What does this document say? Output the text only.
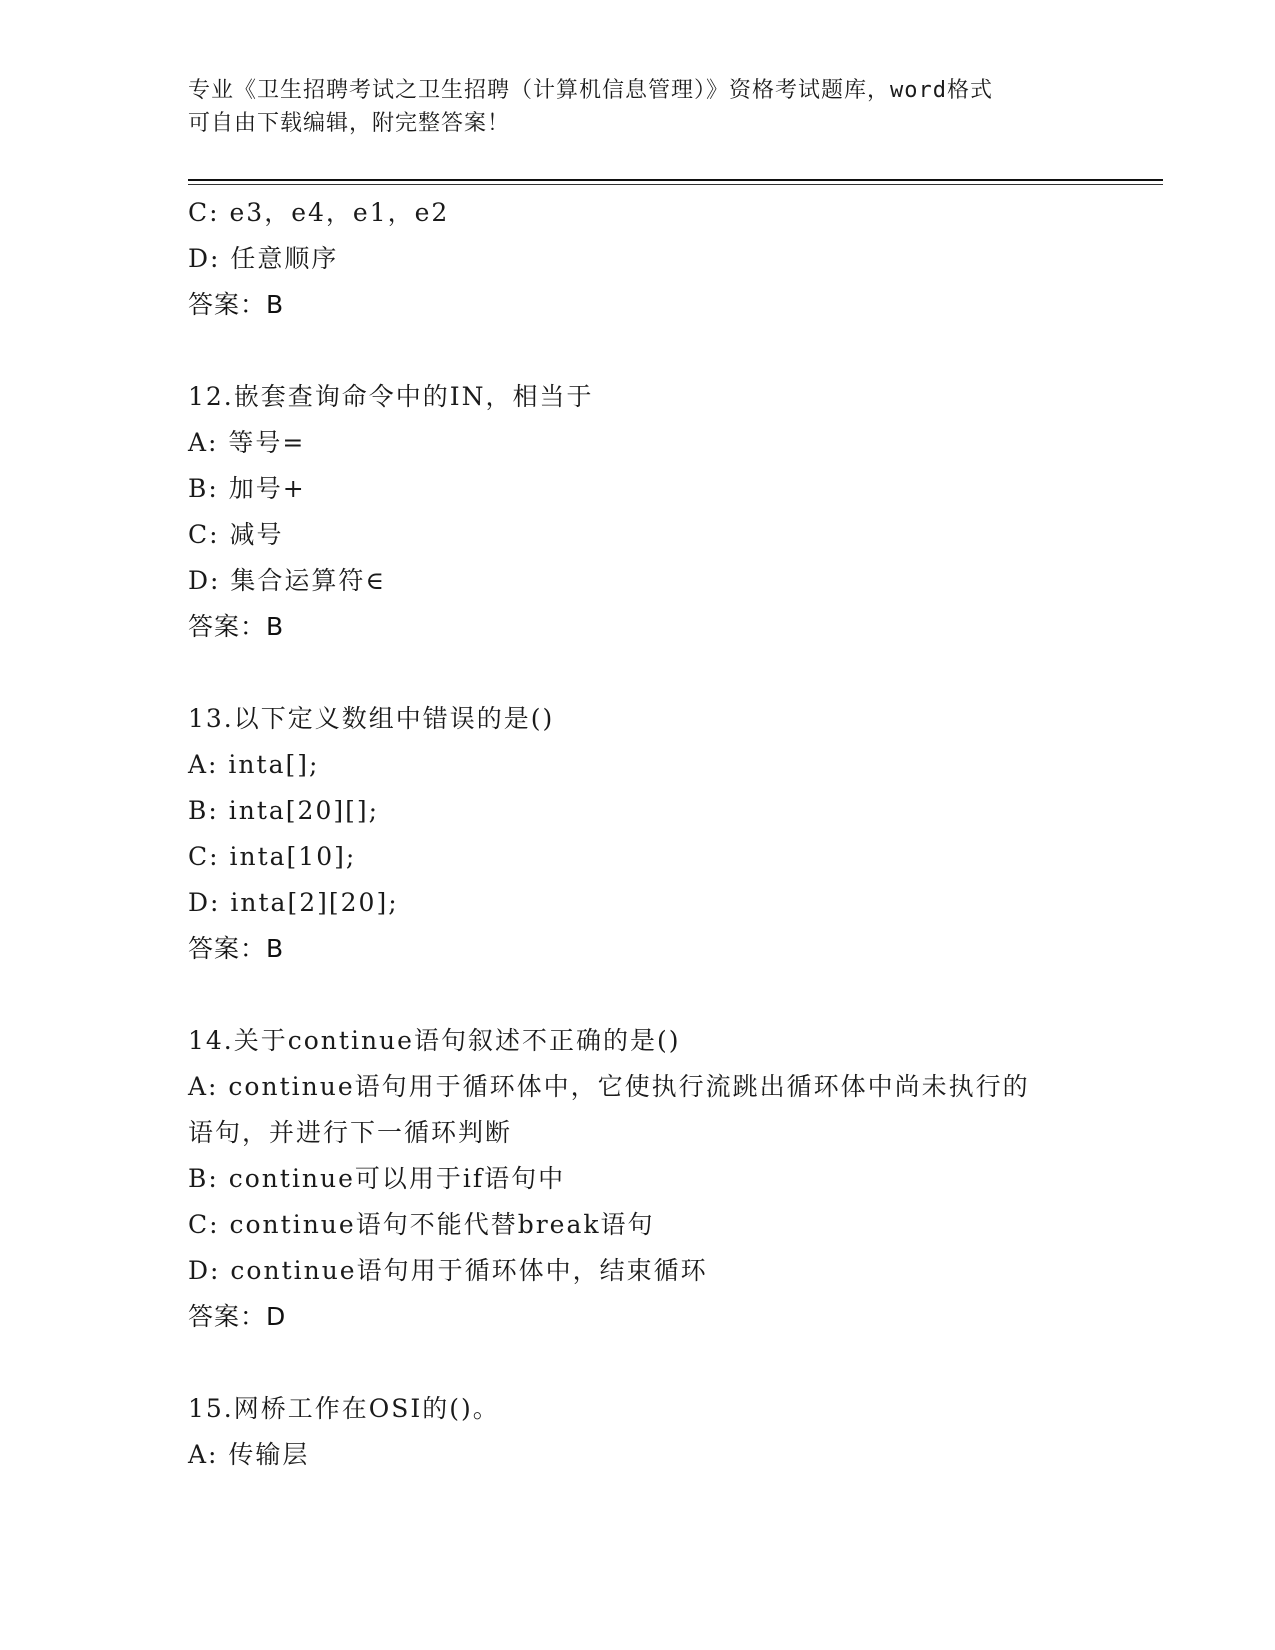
专业《卫生招聘考试之卫生招聘（计算机信息管理）》资格考试题库，word格式
可自由下载编辑，附完整答案！
C: e3，e4，e1，e2
D: 任意顺序
答案：B
12.嵌套查询命令中的IN，相当于
A: 等号=
B: 加号+
C: 减号
D: 集合运算符∈
答案：B
13.以下定义数组中错误的是()
A: inta[];
B: inta[20][];
C: inta[10];
D: inta[2][20];
答案：B
14.关于continue语句叙述不正确的是()
A: continue语句用于循环体中，它使执行流跳出循环体中尚未执行的
语句，并进行下一循环判断
B: continue可以用于if语句中
C: continue语句不能代替break语句
D: continue语句用于循环体中，结束循环
答案：D
15.网桥工作在OSI的()。
A: 传输层
